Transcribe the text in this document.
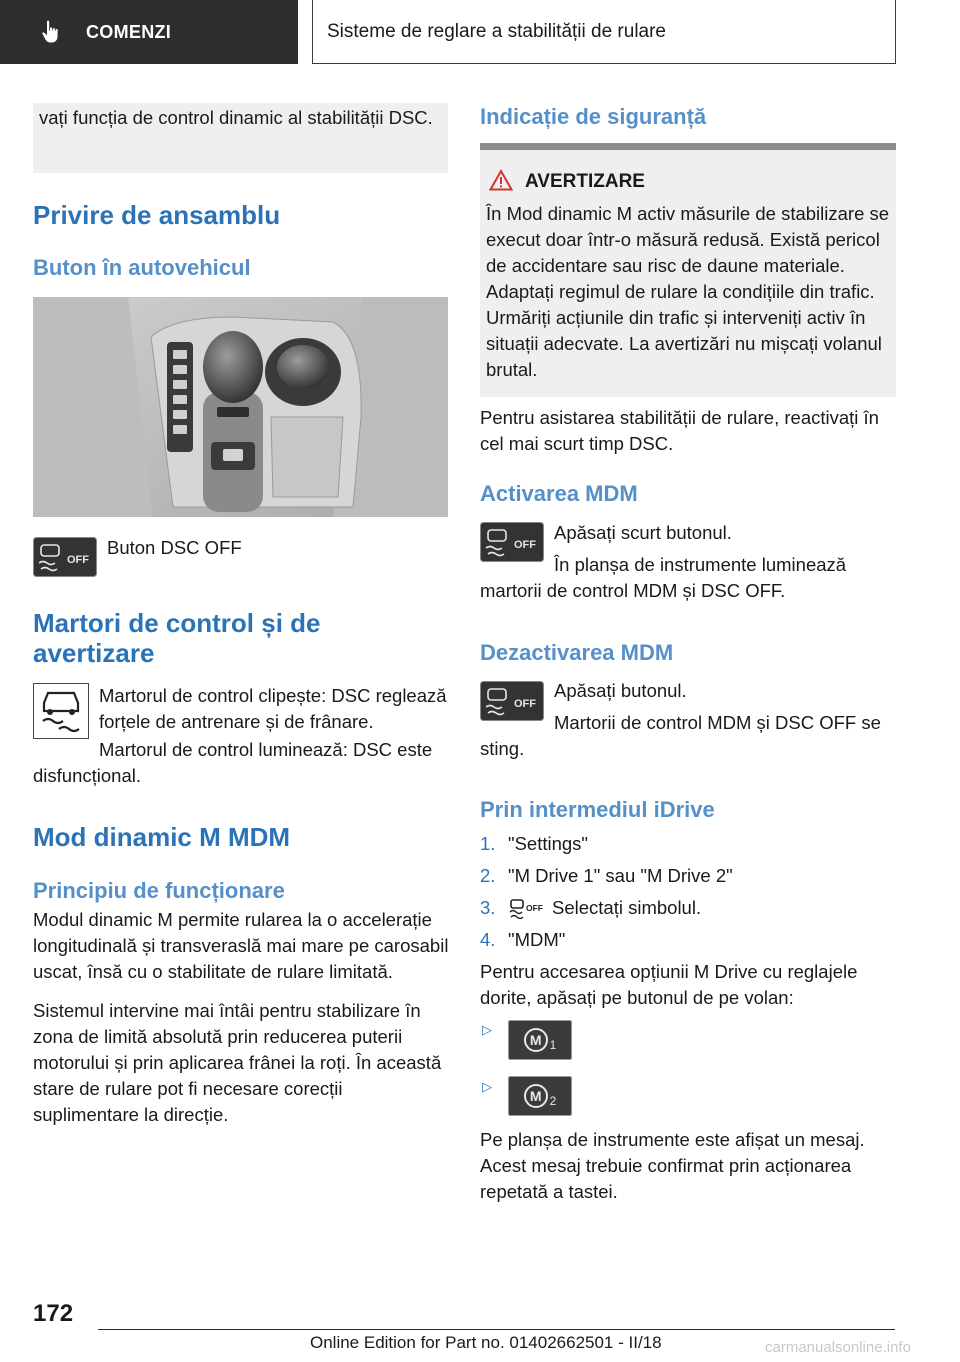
COMENZI	Sisteme de reglare a stabilității de rulare
vați funcția de control dinamic al stabilității DSC.
Privire de ansamblu
Buton în autovehicul
OFF
Buton DSC OFF
Martori de control și de avertizare
Martorul de control clipește: DSC reglează forțele de antrenare și de frânare.
Martorul de control luminează: DSC este disfuncțional.
Mod dinamic M MDM
Principiu de funcționare
Modul dinamic M permite rularea la o accelerație longitudinală și transveraslă mai mare pe carosabil uscat, însă cu o stabilitate de rulare limitată.
Sistemul intervine mai întâi pentru stabilizare în zona de limită absolută prin reducerea puterii motorului și prin aplicarea frânei la roți. În această stare de rulare pot fi necesare corecții suplimentare la direcție.
Indicație de siguranță
AVERTIZARE
În Mod dinamic M activ măsurile de stabilizare se execut doar într-o măsură redusă. Există pericol de accidentare sau risc de daune materiale. Adaptați regimul de rulare la condițiile din trafic. Urmăriți acțiunile din trafic și interveniți activ în situații adecvate. La avertizări nu mișcați volanul brutal.
Pentru asistarea stabilității de rulare, reactivați în cel mai scurt timp DSC.
Activarea MDM
OFF
Apăsați scurt butonul.
În planșa de instrumente luminează martorii de control MDM și DSC OFF.
Dezactivarea MDM
OFF
Apăsați butonul.
Martorii de control MDM și DSC OFF se sting.
Prin intermediul iDrive
1. "Settings"
2. "M Drive 1" sau "M Drive 2"
3.	OFF Selectați simbolul.
4. "MDM"
Pentru accesarea opțiunii M Drive cu reglajele dorite, apăsați pe butonul de pe volan:
▷
M 1
▷
M 2
Pe planșa de instrumente este afișat un mesaj. Acest mesaj trebuie confirmat prin acționarea repetată a tastei.
172
Online Edition for Part no. 01402662501 - II/18	carmanualsonline.info
